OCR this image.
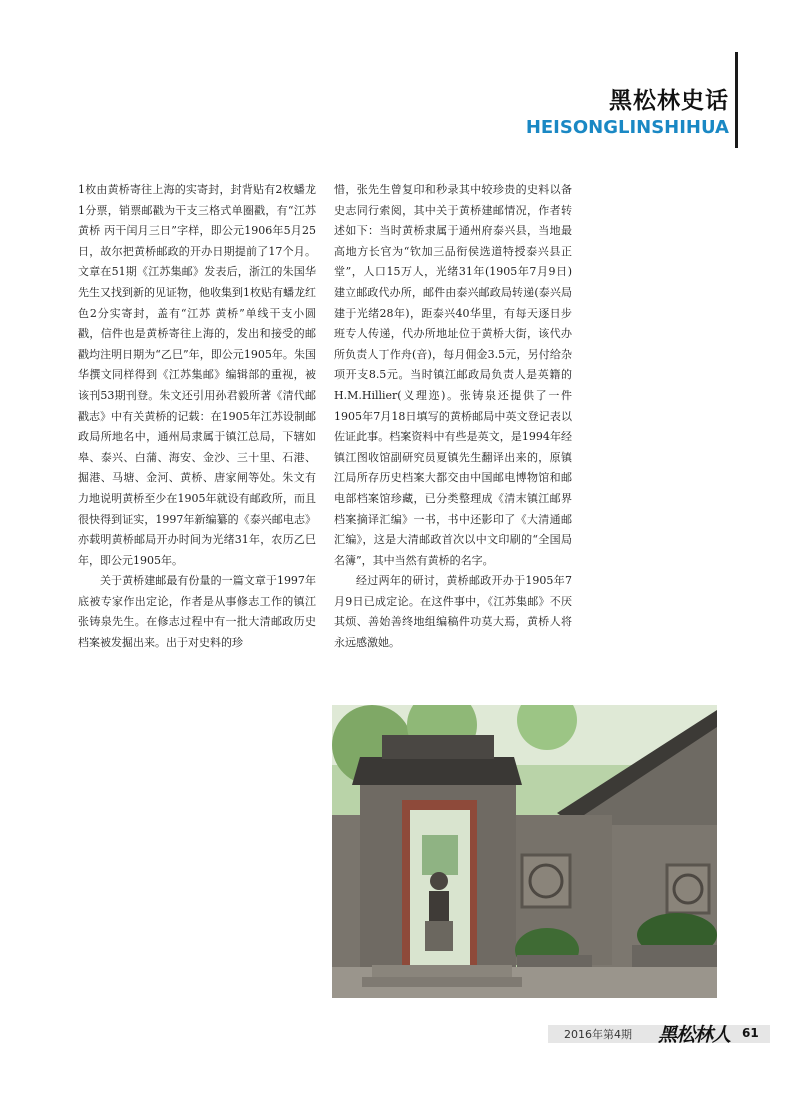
黑松林史话
HEISONGLINSHIHUA

1枚由黄桥寄往上海的实寄封，封背贴有2枚蟠龙1分票，销票邮戳为干支三格式单圈戳，有“江苏黄桥 丙干闰月三日”字样，即公元1906年5月25日，故尔把黄桥邮政的开办日期提前了17个月。文章在51期《江苏集邮》发表后，浙江的朱国华先生又找到新的见证物，他收集到1枚贴有蟠龙红色2分实寄封，盖有“江苏 黄桥”单线干支小圆戳，信件也是黄桥寄往上海的，发出和接受的邮戳均注明日期为“乙巳”年，即公元1905年。朱国华撰文同样得到《江苏集邮》编辑部的重视，被该刊53期刊登。朱文还引用孙君毅所著《清代邮戳志》中有关黄桥的记载：在1905年江苏设制邮政局所地名中，通州局隶属于镇江总局，下辖如皋、泰兴、白蒲、海安、金沙、三十里、石港、掘港、马塘、金河、黄桥、唐家闸等处。朱文有力地说明黄桥至少在1905年就设有邮政所，而且很快得到证实，1997年新编纂的《泰兴邮电志》亦载明黄桥邮局开办时间为光绪31年，农历乙巳年，即公元1905年。

关于黄桥建邮最有份量的一篇文章于1997年底被专家作出定论，作者是从事修志工作的镇江张铸泉先生。在修志过程中有一批大清邮政历史档案被发掘出来。出于对史料的珍

惜，张先生曾复印和秒录其中较珍贵的史料以备史志同行索阅，其中关于黄桥建邮情况，作者转述如下：当时黄桥隶属于通州府泰兴县，当地最高地方长官为“钦加三品衔侯选道特授泰兴县正堂”，人口15万人，光绪31年(1905年7月9日)建立邮政代办所，邮件由泰兴邮政局转递(泰兴局建于光绪28年)，距泰兴40华里，有每天逐日步班专人传递，代办所地址位于黄桥大街，该代办所负责人丁作舟(音)，每月佣金3.5元，另付给杂项开支8.5元。当时镇江邮政局负责人是英籍的H.M.Hillier(义理迩)。张铸泉还提供了一件1905年7月18日填写的黄桥邮局中英文登记表以佐证此事。档案资料中有些是英文，是1994年经镇江图收馆副研究员夏镇先生翻译出来的，原镇江局所存历史档案大都交由中国邮电博物馆和邮电部档案馆珍藏，已分类整理成《清末镇江邮界档案摘译汇编》一书，书中还影印了《大清通邮汇编》，这是大清邮政首次以中文印刷的“全国局名簿”，其中当然有黄桥的名字。

经过两年的研讨，黄桥邮政开办于1905年7月9日已成定论。在这件事中，《江苏集邮》不厌其烦、善始善终地组编稿件功莫大焉，黄桥人将永远感激她。

2016年第4期 黑松林人 61
